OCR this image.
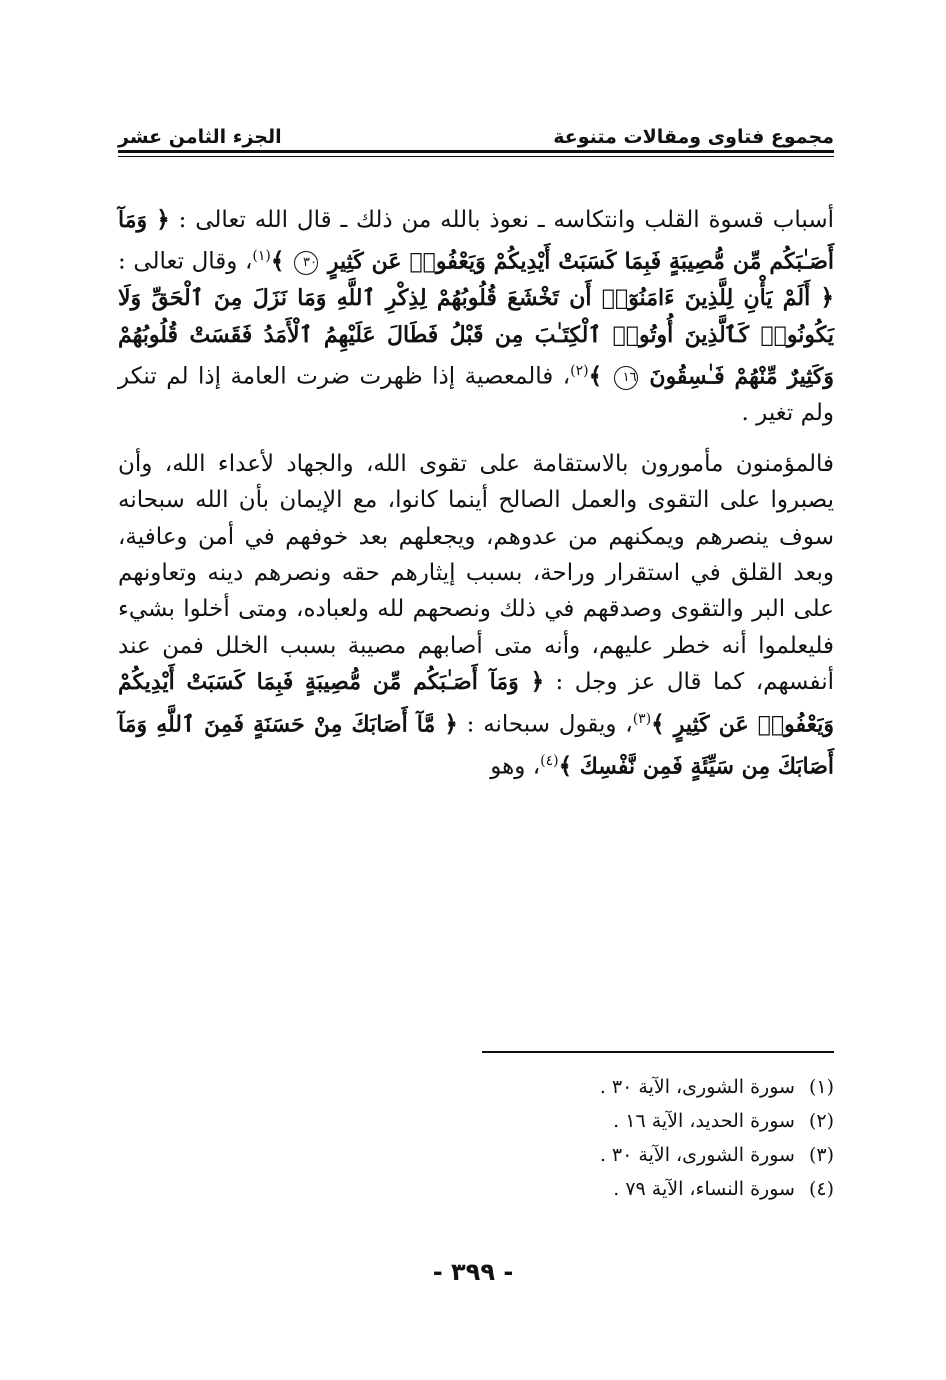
مجموع فتاوى ومقالات متنوعة
الجزء الثامن عشر

أسباب قسوة القلب وانتكاسه ـ نعوذ بالله من ذلك ـ قال الله تعالى : ﴿ وَمَآ أَصَـٰبَكُم مِّن مُّصِيبَةٍ فَبِمَا كَسَبَتْ أَيْدِيكُمْ وَيَعْفُوا۟ عَن كَثِيرٍ ٣٠ ﴾$^{(١)}$، وقال تعالى : ﴿ أَلَمْ يَأْنِ لِلَّذِينَ ءَامَنُوٓا۟ أَن تَخْشَعَ قُلُوبُهُمْ لِذِكْرِ ٱللَّهِ وَمَا نَزَلَ مِنَ ٱلْحَقِّ وَلَا يَكُونُوا۟ كَٱلَّذِينَ أُوتُوا۟ ٱلْكِتَـٰبَ مِن قَبْلُ فَطَالَ عَلَيْهِمُ ٱلْأَمَدُ فَقَسَتْ قُلُوبُهُمْ وَكَثِيرٌ مِّنْهُمْ فَـٰسِقُونَ ١٦ ﴾$^{(٢)}$، فالمعصية إذا ظهرت ضرت العامة إذا لم تنكر ولم تغير .

فالمؤمنون مأمورون بالاستقامة على تقوى الله، والجهاد لأعداء الله، وأن يصبروا على التقوى والعمل الصالح أينما كانوا، مع الإيمان بأن الله سبحانه سوف ينصرهم ويمكنهم من عدوهم، ويجعلهم بعد خوفهم في أمن وعافية، وبعد القلق في استقرار وراحة، بسبب إيثارهم حقه ونصرهم دينه وتعاونهم على البر والتقوى وصدقهم في ذلك ونصحهم لله ولعباده، ومتى أخلوا بشيء فليعلموا أنه خطر عليهم، وأنه متى أصابهم مصيبة بسبب الخلل فمن عند أنفسهم، كما قال عز وجل : ﴿ وَمَآ أَصَـٰبَكُم مِّن مُّصِيبَةٍ فَبِمَا كَسَبَتْ أَيْدِيكُمْ وَيَعْفُوا۟ عَن كَثِيرٍ ﴾$^{(٣)}$، ويقول سبحانه : ﴿ مَّآ أَصَابَكَ مِنْ حَسَنَةٍ فَمِنَ ٱللَّهِ وَمَآ أَصَابَكَ مِن سَيِّئَةٍ فَمِن نَّفْسِكَ ﴾$^{(٤)}$، وهو

(١)سورة الشورى، الآية ٣٠ .
(٢)سورة الحديد، الآية ١٦ .
(٣)سورة الشورى، الآية ٣٠ .
(٤)سورة النساء، الآية ٧٩ .
- ٣٩٩ -
